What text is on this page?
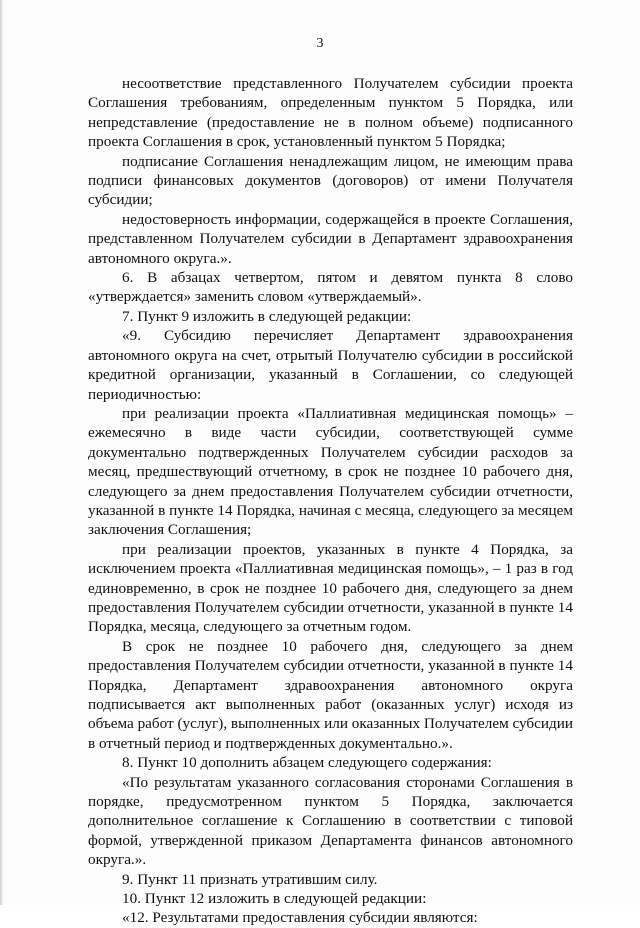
3

несоответствие представленного Получателем субсидии проекта Соглашения требованиям, определенным пунктом 5 Порядка, или непредставление (предоставление не в полном объеме) подписанного проекта Соглашения в срок, установленный пунктом 5 Порядка;

подписание Соглашения ненадлежащим лицом, не имеющим права подписи финансовых документов (договоров) от имени Получателя субсидии;

недостоверность информации, содержащейся в проекте Соглашения, представленном Получателем субсидии в Департамент здравоохранения автономного округа.».

6. В абзацах четвертом, пятом и девятом пункта 8 слово «утверждается» заменить словом «утверждаемый».

7. Пункт 9 изложить в следующей редакции:

«9. Субсидию перечисляет Департамент здравоохранения автономного округа на счет, отрытый Получателю субсидии в российской кредитной организации, указанный в Соглашении, со следующей периодичностью:

при реализации проекта «Паллиативная медицинская помощь» – ежемесячно в виде части субсидии, соответствующей сумме документально подтвержденных Получателем субсидии расходов за месяц, предшествующий отчетному, в срок не позднее 10 рабочего дня, следующего за днем предоставления Получателем субсидии отчетности, указанной в пункте 14 Порядка, начиная с месяца, следующего за месяцем заключения Соглашения;

при реализации проектов, указанных в пункте 4 Порядка, за исключением проекта «Паллиативная медицинская помощь», – 1 раз в год единовременно, в срок не позднее 10 рабочего дня, следующего за днем предоставления Получателем субсидии отчетности, указанной в пункте 14 Порядка, месяца, следующего за отчетным годом.

В срок не позднее 10 рабочего дня, следующего за днем предоставления Получателем субсидии отчетности, указанной в пункте 14 Порядка, Департамент здравоохранения автономного округа подписывается акт выполненных работ (оказанных услуг) исходя из объема работ (услуг), выполненных или оказанных Получателем субсидии в отчетный период и подтвержденных документально.».

8. Пункт 10 дополнить абзацем следующего содержания:

«По результатам указанного согласования сторонами Соглашения в порядке, предусмотренном пунктом 5 Порядка, заключается дополнительное соглашение к Соглашению в соответствии с типовой формой, утвержденной приказом Департамента финансов автономного округа.».

9. Пункт 11 признать утратившим силу.

10. Пункт 12 изложить в следующей редакции:

«12. Результатами предоставления субсидии являются:
